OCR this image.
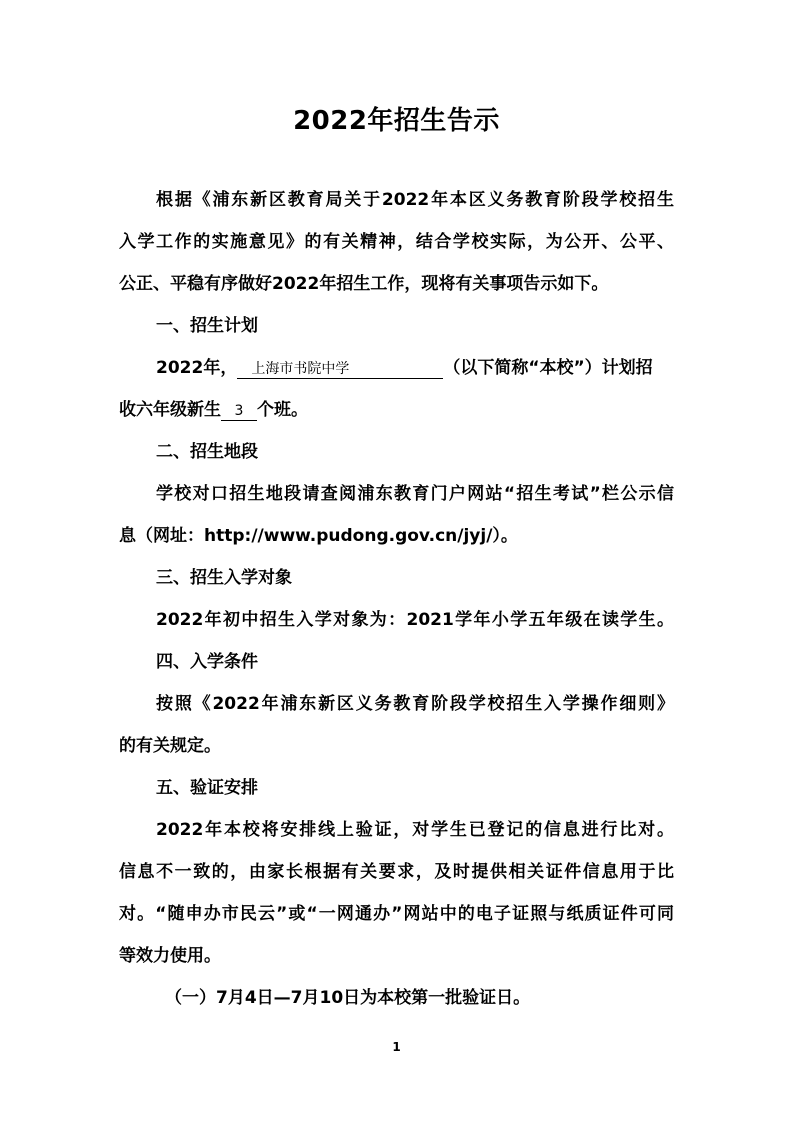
2022年招生告示
根据《浦东新区教育局关于2022年本区义务教育阶段学校招生
入学工作的实施意见》的有关精神，结合学校实际，为公开、公平、
公正、平稳有序做好2022年招生工作，现将有关事项告示如下。
一、招生计划
2022年， 上海市书院中学	（以下简称“本校”）计划招
收六年级新生 3 个班。
二、招生地段
学校对口招生地段请查阅浦东教育门户网站“招生考试”栏公示信
息（网址：http://www.pudong.gov.cn/jyj/）。
三、招生入学对象
2022年初中招生入学对象为：2021学年小学五年级在读学生。
四、入学条件
按照《2022年浦东新区义务教育阶段学校招生入学操作细则》
的有关规定。
五、验证安排
2022年本校将安排线上验证，对学生已登记的信息进行比对。
信息不一致的，由家长根据有关要求，及时提供相关证件信息用于比
对。“随申办市民云”或“一网通办”网站中的电子证照与纸质证件可同
等效力使用。
（一）7月4日—7月10日为本校第一批验证日。
1
